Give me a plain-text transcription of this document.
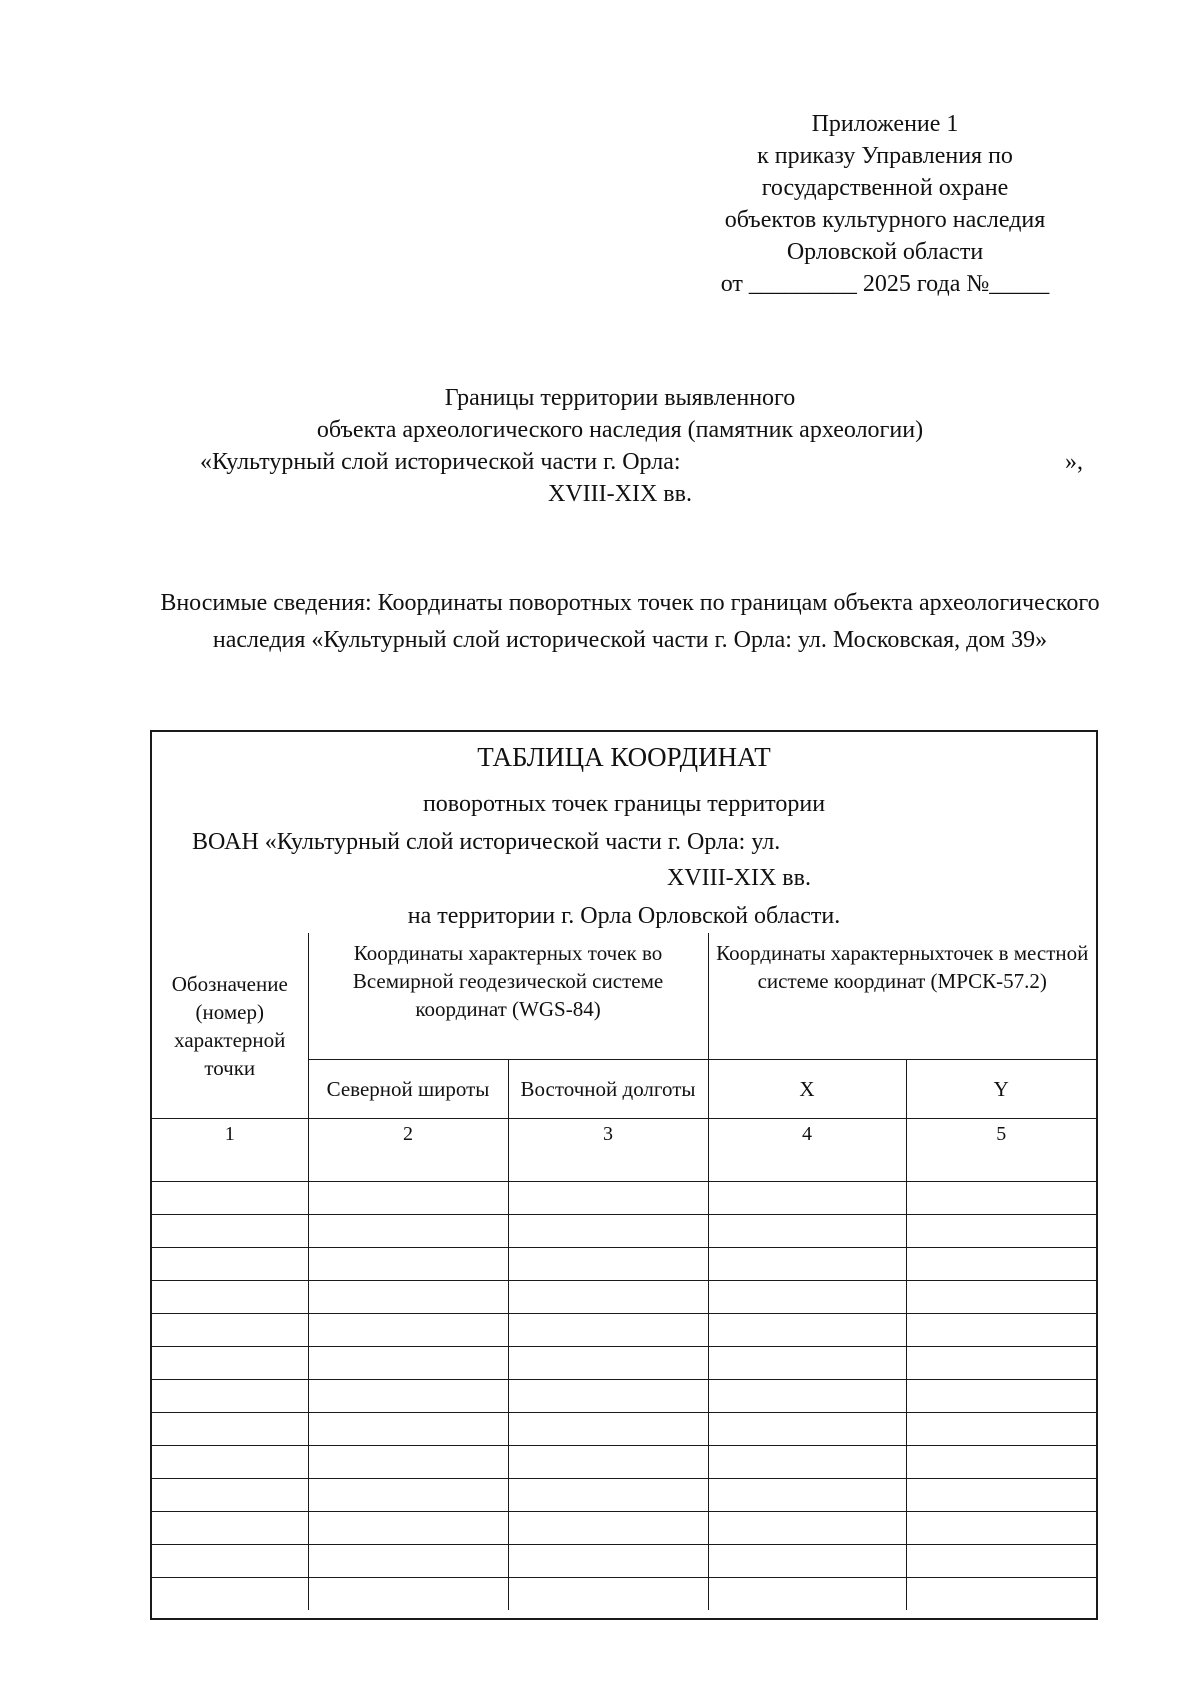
Приложение 1
к приказу Управления по
государственной охране
объектов культурного наследия
Орловской области
от _________ 2025 года №_____
Границы территории выявленного
объекта археологического наследия (памятник археологии)
«Культурный слой исторической части г. Орла:	»,
XVIII-XIX вв.
Вносимые сведения: Координаты поворотных точек по границам объекта археологического наследия «Культурный слой исторической части г. Орла: ул. Московская, дом 39»
ТАБЛИЦА КООРДИНАТ
поворотных точек границы территории
ВОАН «Культурный слой исторической части г. Орла: ул.
XVIII-XIX вв.
на территории г. Орла Орловской области.
Обозначение (номер) характерной точки	Координаты характерных точек во Всемирной геодезической системе координат (WGS-84)		Координаты характерныхточек в местной системе координат (МРСК-57.2)	
	Северной широты	Восточной долготы	X	Y
1	2	3	4	5
